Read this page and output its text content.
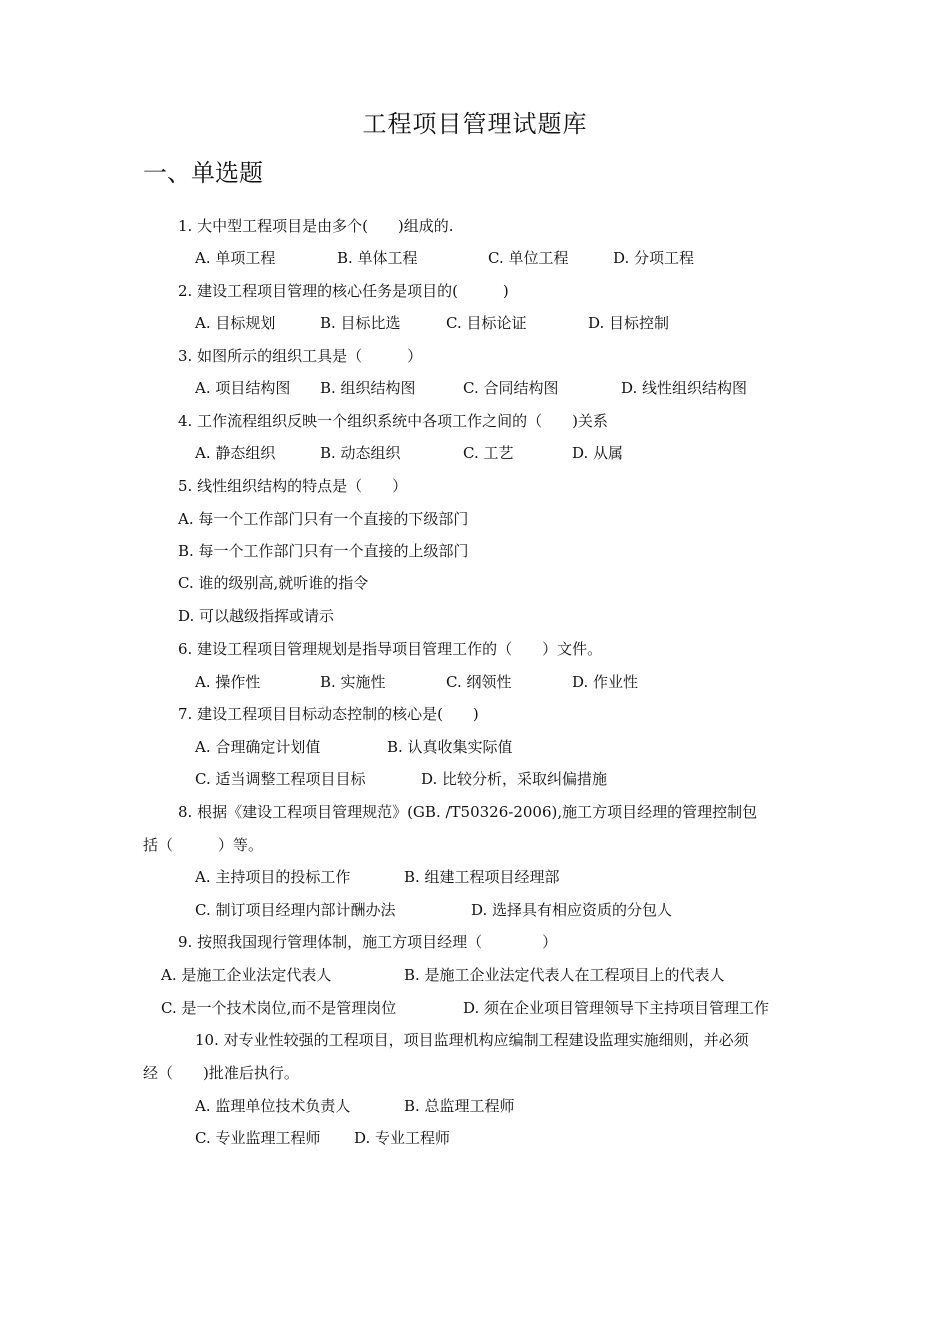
工程项目管理试题库
一、单选题
1. 大中型工程项目是由多个(　　)组成的.
A. 单项工程	B. 单体工程	C. 单位工程	D. 分项工程
2. 建设工程项目管理的核心任务是项目的(　　　)
A. 目标规划	B. 目标比选	C. 目标论证	D. 目标控制
3. 如图所示的组织工具是（　　　）
A. 项目结构图 B. 组织结构图	C. 合同结构图	D. 线性组织结构图
4. 工作流程组织反映一个组织系统中各项工作之间的（　　)关系
A. 静态组织	B. 动态组织	C. 工艺	D. 从属
5. 线性组织结构的特点是（　　）
A. 每一个工作部门只有一个直接的下级部门
B. 每一个工作部门只有一个直接的上级部门
C. 谁的级别高,就听谁的指令
D. 可以越级指挥或请示
6. 建设工程项目管理规划是指导项目管理工作的（　　）文件。
A. 操作性	B. 实施性	C. 纲领性	D. 作业性
7. 建设工程项目目标动态控制的核心是(　　)
A. 合理确定计划值	B. 认真收集实际值
C. 适当调整工程项目目标	D. 比较分析，采取纠偏措施
8. 根据《建设工程项目管理规范》(GB. /T50326-2006),施工方项目经理的管理控制包
括（　　　）等。
A. 主持项目的投标工作	B. 组建工程项目经理部
C. 制订项目经理内部计酬办法	D. 选择具有相应资质的分包人
9. 按照我国现行管理体制，施工方项目经理（　　　　）
A. 是施工企业法定代表人	B. 是施工企业法定代表人在工程项目上的代表人
C. 是一个技术岗位,而不是管理岗位	D. 须在企业项目管理领导下主持项目管理工作
10. 对专业性较强的工程项目，项目监理机构应编制工程建设监理实施细则，并必须
经（　　)批准后执行。
A. 监理单位技术负责人	B. 总监理工程师
C. 专业监理工程师 D. 专业工程师
